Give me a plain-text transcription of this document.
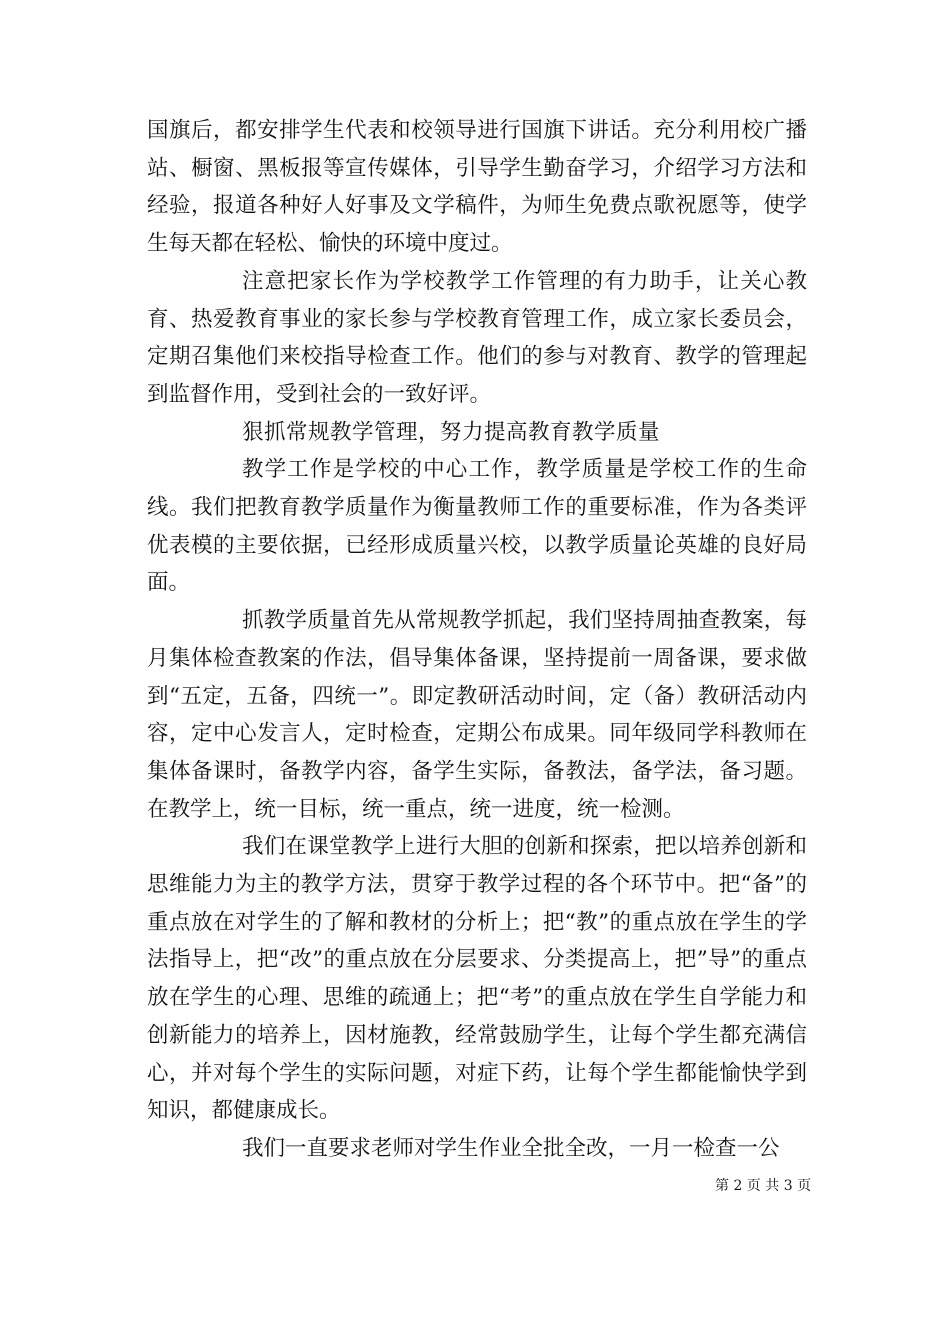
国旗后，都安排学生代表和校领导进行国旗下讲话。充分利用校广播站、橱窗、黑板报等宣传媒体，引导学生勤奋学习，介绍学习方法和经验，报道各种好人好事及文学稿件，为师生免费点歌祝愿等，使学生每天都在轻松、愉快的环境中度过。

注意把家长作为学校教学工作管理的有力助手，让关心教育、热爱教育事业的家长参与学校教育管理工作，成立家长委员会，定期召集他们来校指导检查工作。他们的参与对教育、教学的管理起到监督作用，受到社会的一致好评。

狠抓常规教学管理，努力提高教育教学质量

教学工作是学校的中心工作，教学质量是学校工作的生命线。我们把教育教学质量作为衡量教师工作的重要标准，作为各类评优表模的主要依据，已经形成质量兴校，以教学质量论英雄的良好局面。

抓教学质量首先从常规教学抓起，我们坚持周抽查教案，每月集体检查教案的作法，倡导集体备课，坚持提前一周备课，要求做到“五定，五备，四统一”。即定教研活动时间，定（备）教研活动内容，定中心发言人，定时检查，定期公布成果。同年级同学科教师在集体备课时，备教学内容，备学生实际，备教法，备学法，备习题。在教学上，统一目标，统一重点，统一进度，统一检测。

我们在课堂教学上进行大胆的创新和探索，把以培养创新和思维能力为主的教学方法，贯穿于教学过程的各个环节中。把“备”的重点放在对学生的了解和教材的分析上；把“教”的重点放在学生的学法指导上，把“改”的重点放在分层要求、分类提高上，把”导”的重点放在学生的心理、思维的疏通上；把“考”的重点放在学生自学能力和创新能力的培养上，因材施教，经常鼓励学生，让每个学生都充满信心，并对每个学生的实际问题，对症下药，让每个学生都能愉快学到知识，都健康成长。

我们一直要求老师对学生作业全批全改，一月一检查一公

第 2 页 共 3 页
